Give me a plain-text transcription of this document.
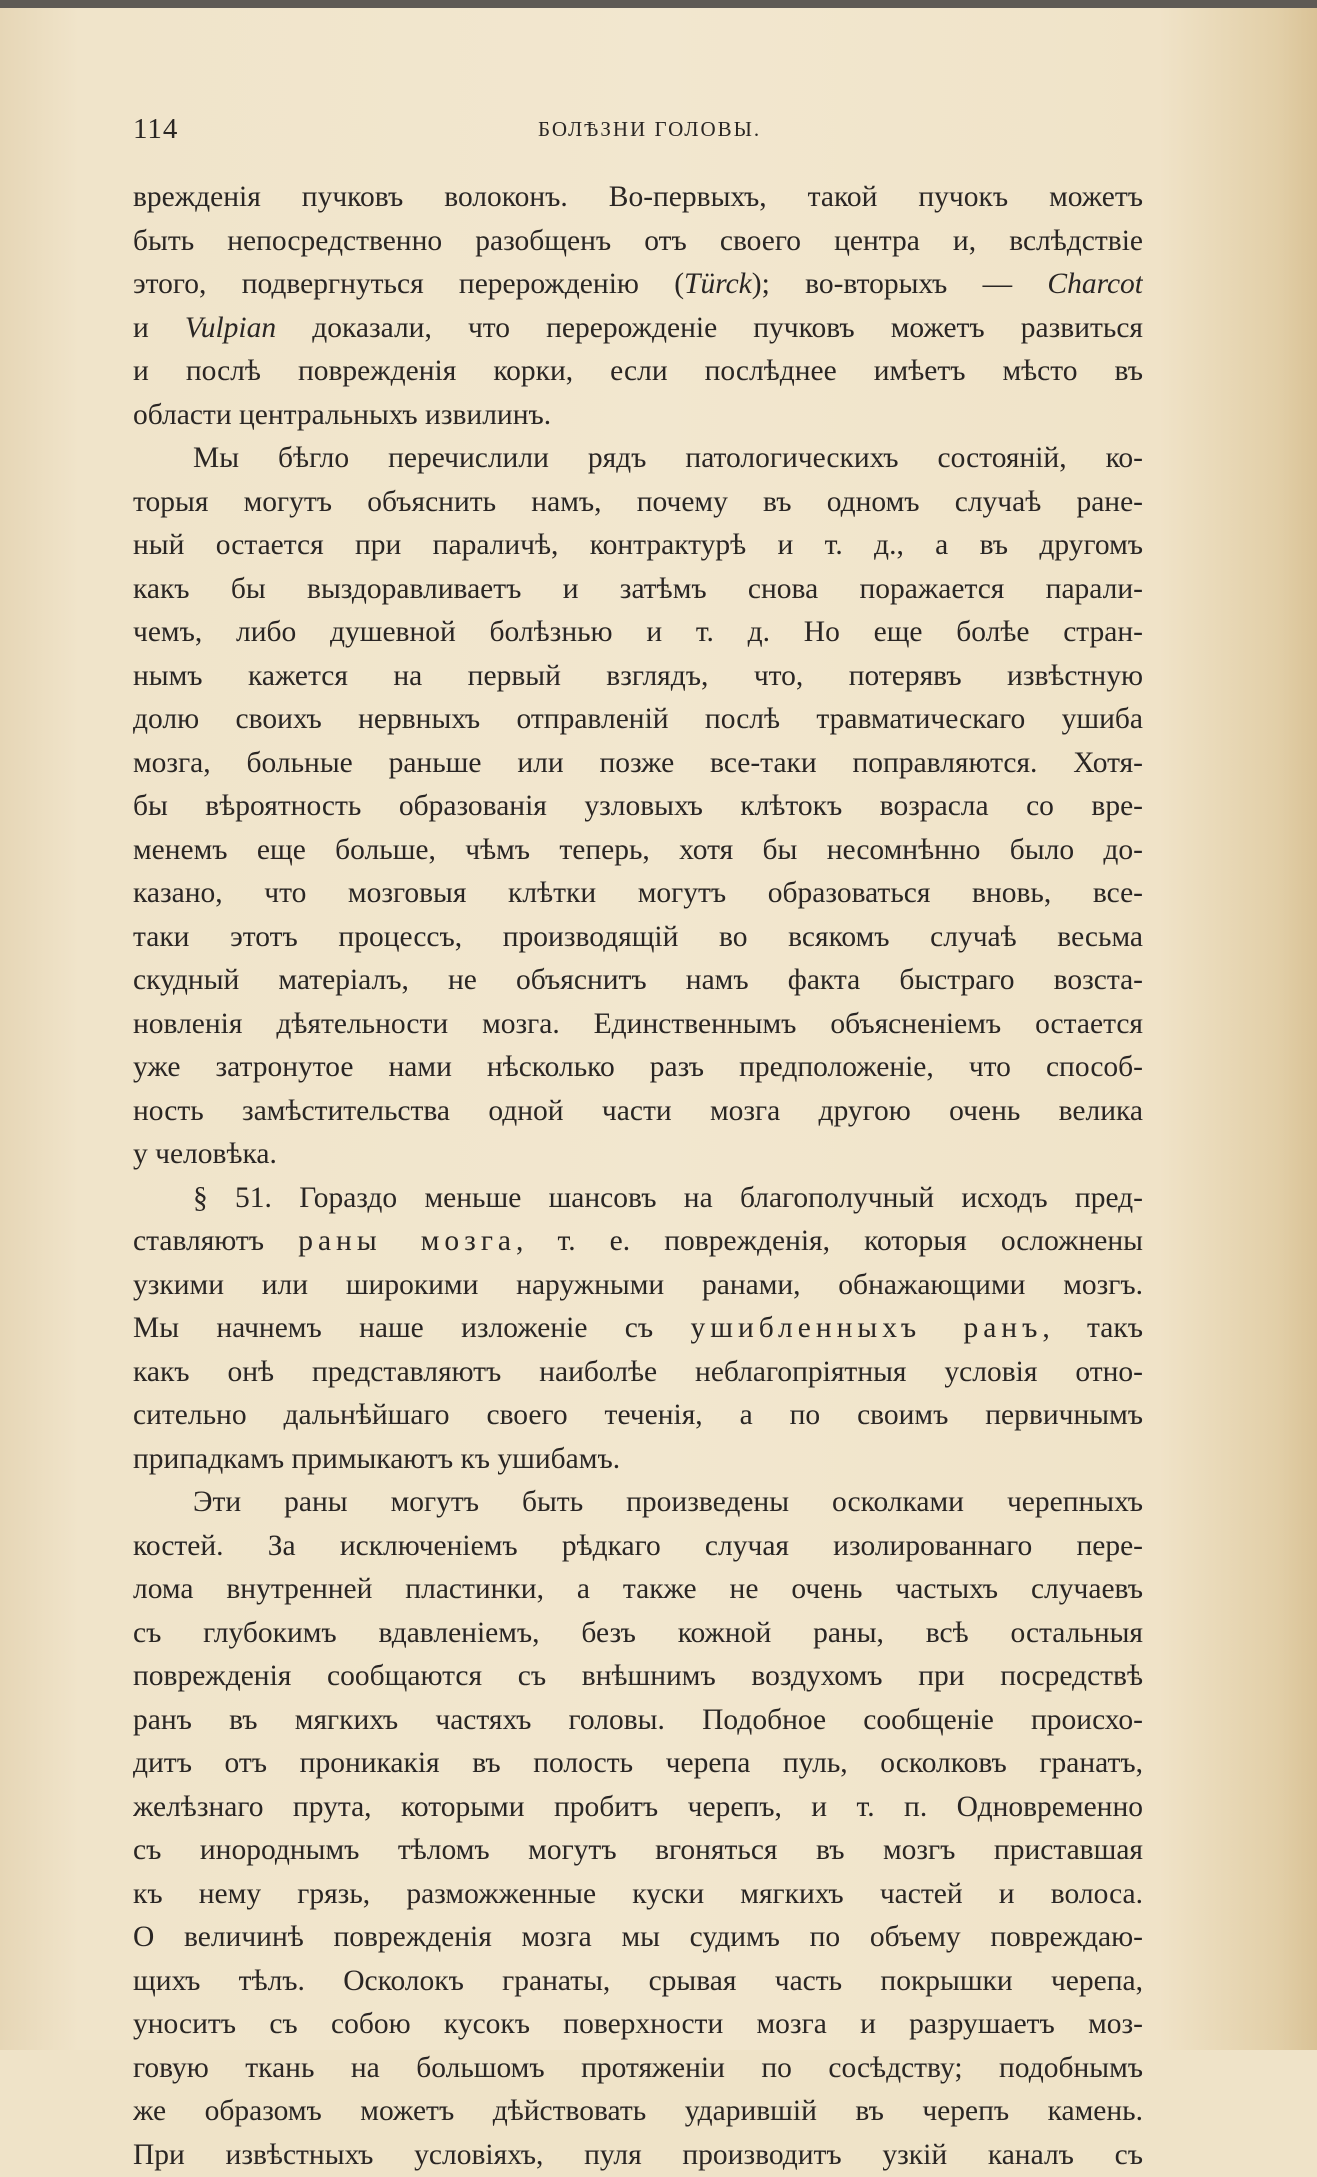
114	БОЛѢЗНИ ГОЛОВЫ.
врежденія пучковъ волоконъ. Во-первыхъ, такой пучокъ можетъ
быть непосредственно разобщенъ отъ своего центра и, вслѣдствіе
этого, подвергнуться перерожденію (Türck); во-вторыхъ — Charcot
и Vulpian доказали, что перерожденіе пучковъ можетъ развиться
и послѣ поврежденія корки, если послѣднее имѣетъ мѣсто въ
области центральныхъ извилинъ.
Мы бѣгло перечислили рядъ патологическихъ состояній, ко-
торыя могутъ объяснить намъ, почему въ одномъ случаѣ ране-
ный остается при параличѣ, контрактурѣ и т. д., а въ другомъ
какъ бы выздоравливаетъ и затѣмъ снова поражается парали-
чемъ, либо душевной болѣзнью и т. д. Но еще болѣе стран-
нымъ кажется на первый взглядъ, что, потерявъ извѣстную
долю своихъ нервныхъ отправленій послѣ травматическаго ушиба
мозга, больные раньше или позже все-таки поправляются. Хотя-
бы вѣроятность образованія узловыхъ клѣтокъ возрасла со вре-
менемъ еще больше, чѣмъ теперь, хотя бы несомнѣнно было до-
казано, что мозговыя клѣтки могутъ образоваться вновь, все-
таки этотъ процессъ, производящій во всякомъ случаѣ весьма
скудный матеріалъ, не объяснитъ намъ факта быстраго возста-
новленія дѣятельности мозга. Единственнымъ объясненіемъ остается
уже затронутое нами нѣсколько разъ предположеніе, что способ-
ность замѣстительства одной части мозга другою очень велика
у человѣка.
§ 51. Гораздо меньше шансовъ на благополучный исходъ пред-
ставляютъ раны мозга, т. е. поврежденія, которыя осложнены
узкими или широкими наружными ранами, обнажающими мозгъ.
Мы начнемъ наше изложеніе съ ушибленныхъ ранъ, такъ
какъ онѣ представляютъ наиболѣе неблагопріятныя условія отно-
сительно дальнѣйшаго своего теченія, а по своимъ первичнымъ
припадкамъ примыкаютъ къ ушибамъ.
Эти раны могутъ быть произведены осколками черепныхъ
костей. За исключеніемъ рѣдкаго случая изолированнаго пере-
лома внутренней пластинки, а также не очень частыхъ случаевъ
съ глубокимъ вдавленіемъ, безъ кожной раны, всѣ остальныя
поврежденія сообщаются съ внѣшнимъ воздухомъ при посредствѣ
ранъ въ мягкихъ частяхъ головы. Подобное сообщеніе происхо-
дитъ отъ проникакія въ полость черепа пуль, осколковъ гранатъ,
желѣзнаго прута, которыми пробитъ черепъ, и т. п. Одновременно
съ инороднымъ тѣломъ могутъ вгоняться въ мозгъ приставшая
къ нему грязь, разможженные куски мягкихъ частей и волоса.
О величинѣ поврежденія мозга мы судимъ по объему повреждаю-
щихъ тѣлъ. Осколокъ гранаты, срывая часть покрышки черепа,
уноситъ съ собою кусокъ поверхности мозга и разрушаетъ моз-
говую ткань на большомъ протяженіи по сосѣдству; подобнымъ
же образомъ можетъ дѣйствовать ударившій въ черепъ камень.
При извѣстныхъ условіяхъ, пуля производитъ узкій каналъ съ
